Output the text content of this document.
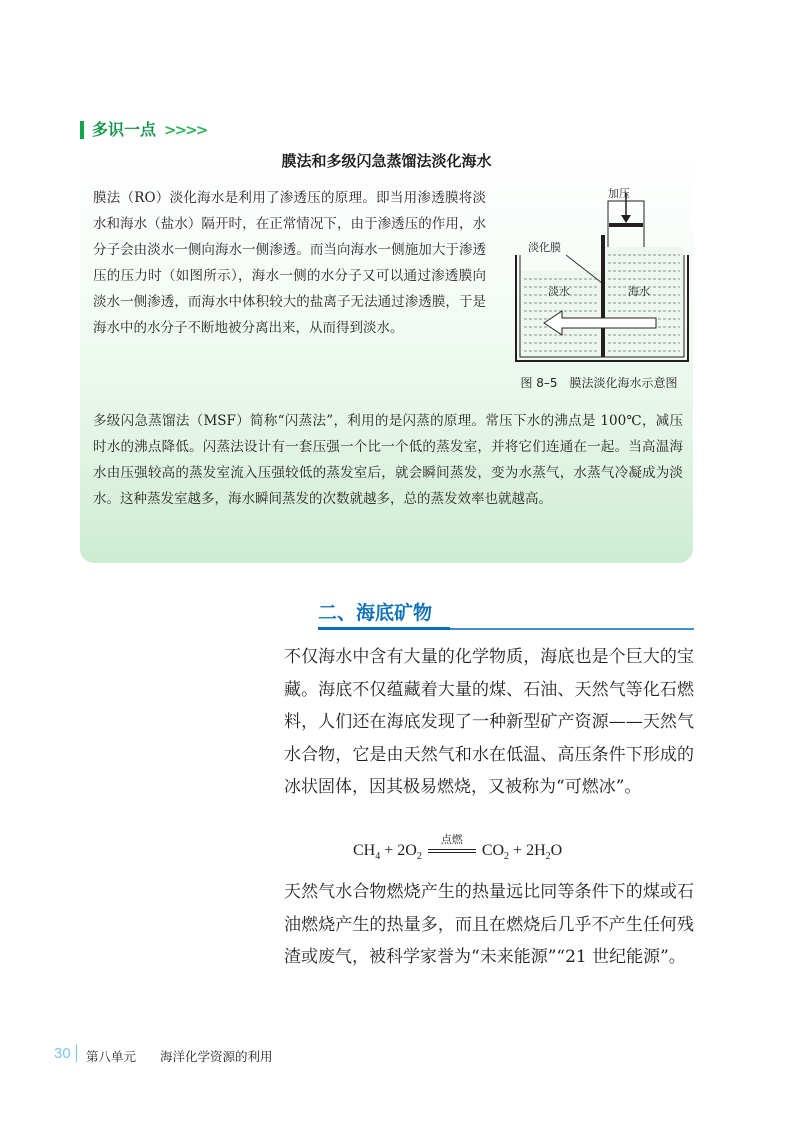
多识一点 >>>>
膜法和多级闪急蒸馏法淡化海水

膜法（RO）淡化海水是利用了渗透压的原理。即当用渗透膜将淡水和海水（盐水）隔开时，在正常情况下，由于渗透压的作用，水分子会由淡水一侧向海水一侧渗透。而当向海水一侧施加大于渗透压的压力时（如图所示），海水一侧的水分子又可以通过渗透膜向淡水一侧渗透，而海水中体积较大的盐离子无法通过渗透膜，于是海水中的水分子不断地被分离出来，从而得到淡水。

加压
淡化膜
淡水	海水
图 8–5　膜法淡化海水示意图

多级闪急蒸馏法（MSF）简称“闪蒸法”，利用的是闪蒸的原理。常压下水的沸点是 100℃，减压时水的沸点降低。闪蒸法设计有一套压强一个比一个低的蒸发室，并将它们连通在一起。当高温海水由压强较高的蒸发室流入压强较低的蒸发室后，就会瞬间蒸发，变为水蒸气，水蒸气冷凝成为淡水。这种蒸发室越多，海水瞬间蒸发的次数就越多，总的蒸发效率也就越高。

二、海底矿物

不仅海水中含有大量的化学物质，海底也是个巨大的宝藏。海底不仅蕴藏着大量的煤、石油、天然气等化石燃料，人们还在海底发现了一种新型矿产资源——天然气水合物，它是由天然气和水在低温、高压条件下形成的冰状固体，因其极易燃烧，又被称为“可燃冰”。

$CH_4 + 2O_2$
点燃
$CO_2 + 2H_2O$

天然气水合物燃烧产生的热量远比同等条件下的煤或石油燃烧产生的热量多，而且在燃烧后几乎不产生任何残渣或废气，被科学家誉为“未来能源”“21 世纪能源”。

30 第八单元 海洋化学资源的利用
